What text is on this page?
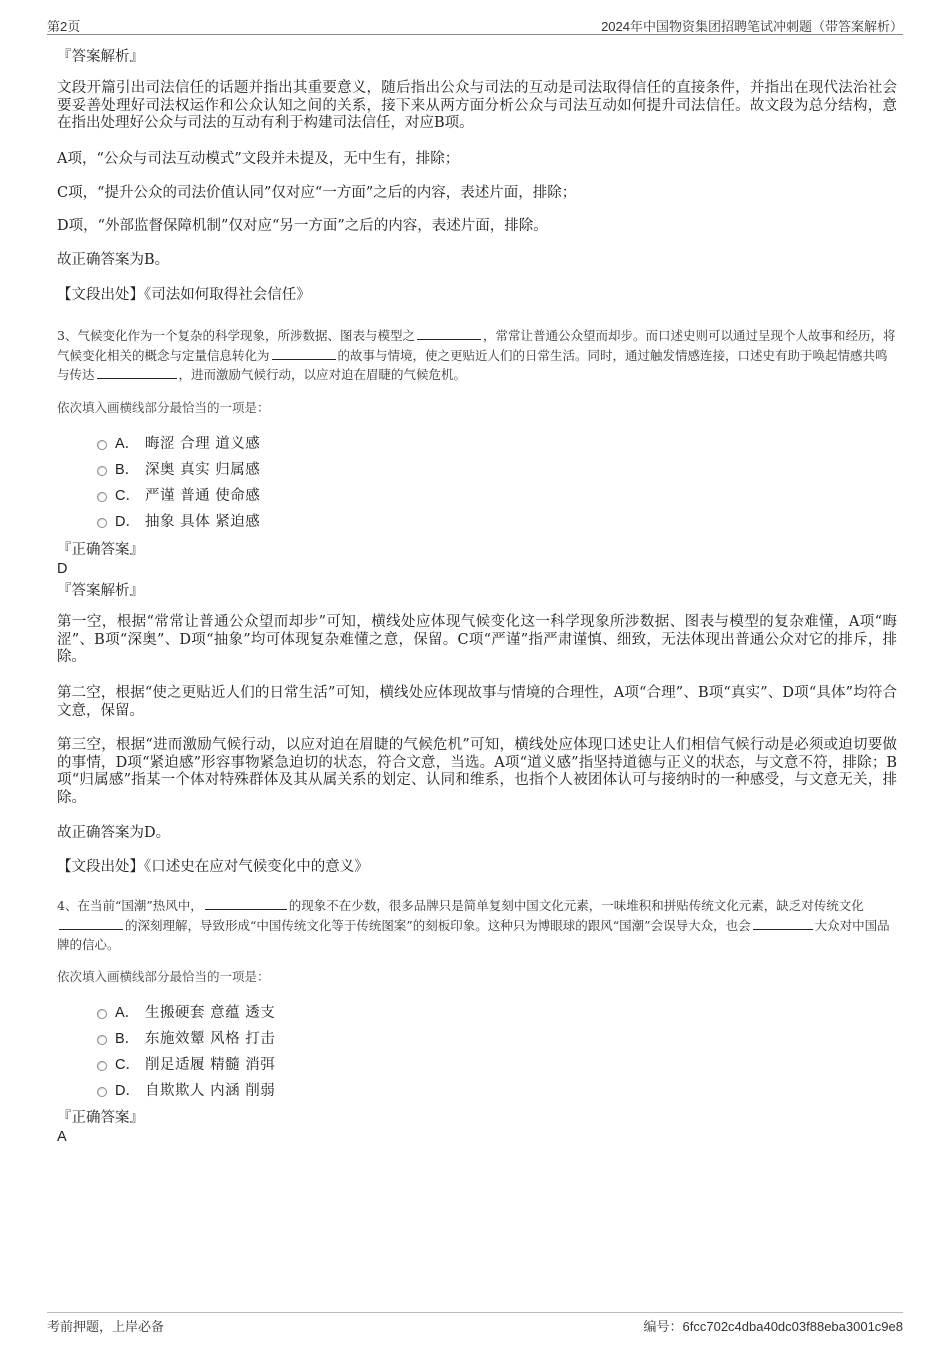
第2页	2024年中国物资集团招聘笔试冲刺题（带答案解析）
『答案解析』
文段开篇引出司法信任的话题并指出其重要意义，随后指出公众与司法的互动是司法取得信任的直接条件，并指出在现代法治社会要妥善处理好司法权运作和公众认知之间的关系，接下来从两方面分析公众与司法互动如何提升司法信任。故文段为总分结构，意在指出处理好公众与司法的互动有利于构建司法信任，对应B项。
A项，“公众与司法互动模式”文段并未提及，无中生有，排除；
C项，“提升公众的司法价值认同”仅对应“一方面”之后的内容，表述片面，排除；
D项，“外部监督保障机制”仅对应“另一方面”之后的内容，表述片面，排除。
故正确答案为B。
【文段出处】《司法如何取得社会信任》
3、气候变化作为一个复杂的科学现象，所涉数据、图表与模型之	，常常让普通公众望而却步。而口述史则可以通过呈现个人故事和经历，将气候变化相关的概念与定量信息转化为	的故事与情境，使之更贴近人们的日常生活。同时，通过触发情感连接，口述史有助于唤起情感共鸣与传达	，进而激励气候行动，以应对迫在眉睫的气候危机。
依次填入画横线部分最恰当的一项是：
A． 晦涩 合理 道义感
B． 深奥 真实 归属感
C． 严谨 普通 使命感
D． 抽象 具体 紧迫感
『正确答案』
D
『答案解析』
第一空，根据“常常让普通公众望而却步”可知，横线处应体现气候变化这一科学现象所涉数据、图表与模型的复杂难懂，A项“晦涩”、B项“深奥”、D项“抽象”均可体现复杂难懂之意，保留。C项“严谨”指严肃谨慎、细致，无法体现出普通公众对它的排斥，排除。
第二空，根据“使之更贴近人们的日常生活”可知，横线处应体现故事与情境的合理性，A项“合理”、B项“真实”、D项“具体”均符合文意，保留。
第三空，根据“进而激励气候行动，以应对迫在眉睫的气候危机”可知，横线处应体现口述史让人们相信气候行动是必须或迫切要做的事情，D项“紧迫感”形容事物紧急迫切的状态，符合文意，当选。A项“道义感”指坚持道德与正义的状态，与文意不符，排除；B项“归属感”指某一个体对特殊群体及其从属关系的划定、认同和维系，也指个人被团体认可与接纳时的一种感受，与文意无关，排除。
故正确答案为D。
【文段出处】《口述史在应对气候变化中的意义》
4、在当前“国潮”热风中，	的现象不在少数，很多品牌只是简单复刻中国文化元素，一味堆积和拼贴传统文化元素，缺乏对传统文化的深刻理解，导致形成“中国传统文化等于传统图案”的刻板印象。这种只为博眼球的跟风“国潮”会误导大众，也会	大众对中国品牌的信心。
依次填入画横线部分最恰当的一项是：
A． 生搬硬套 意蕴 透支
B． 东施效颦 风格 打击
C． 削足适履 精髓 消弭
D． 自欺欺人 内涵 削弱
『正确答案』
A
考前押题，上岸必备	编号：6fcc702c4dba40dc03f88eba3001c9e8
